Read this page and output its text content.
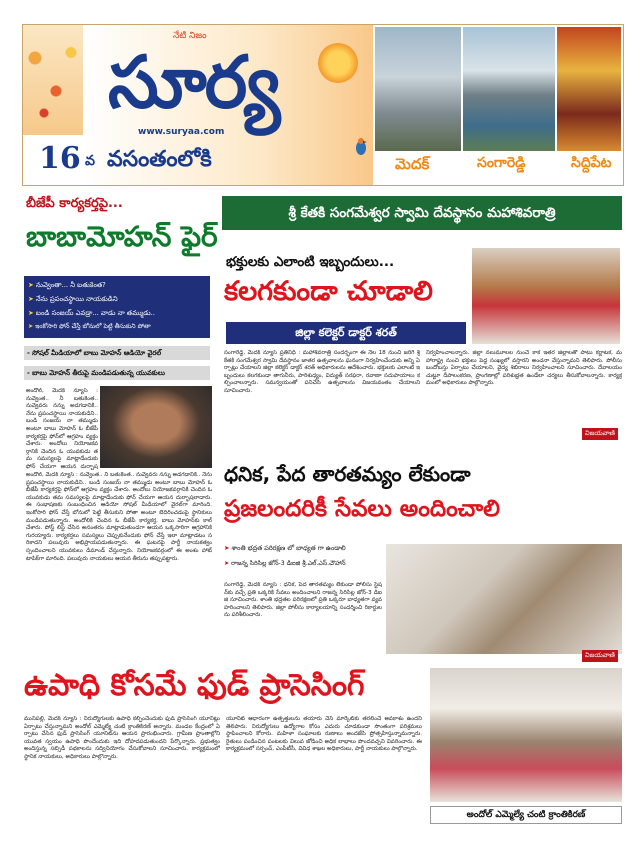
నేటి నిజం
సూర్య
www.suryaa.com
మెదక్	సంగారెడ్డి	సిద్దిపేట
16 వ వసంతంలోకి
బీజేపీ కార్యకర్తపై...
బాబామోహన్ ఫైర్
➤ నువ్వెంతా... నీ బతుకెంత?
➤ నేను ప్రపంచస్థాయి నాయకుడిని
➤ బండి సంజయ్ ఎవడ్రా... వాడు నా తమ్ముడు..
➤ ఇంకోసారి ఫోన్ చేస్తే బోనులో పెట్టి తీసుకుని పోతా
- సోషల్ మీడియాలో బాబు మోహన్ ఆడియో వైరల్
- బాబు మోహన్ తీరుపై మండిపడుతున్న యువకులు
అందోల్, మెదక్ న్యూస్ : నువ్వెంత.. నీ బతుకెంత.. నువ్వెవరు నన్ను అడగడానికి.. నేను ప్రపంచస్థాయి నాయకుడిని.. బండి సంజయ్ నా తమ్ముడు అంటూ బాబు మోహన్ ఓ బీజేపీ కార్యకర్తపై ఫోన్‌లో ఆగ్రహం వ్యక్తం చేశారు. అందోలు నియోజకవర్గానికి చెందిన ఓ యువకుడు తమ సమస్యలపై మాట్లాడేందుకు ఫోన్ చేయగా ఆయన దుర్భాష
అందోల్, మెదక్ న్యూస్ : నువ్వెంత.. నీ బతుకెంత.. నువ్వెవరు నన్ను అడగడానికి.. నేను ప్రపంచస్థాయి నాయకుడిని.. బండి సంజయ్ నా తమ్ముడు అంటూ బాబు మోహన్ ఓ బీజేపీ కార్యకర్తపై ఫోన్‌లో ఆగ్రహం వ్యక్తం చేశారు. అందోలు నియోజకవర్గానికి చెందిన ఓ యువకుడు తమ సమస్యలపై మాట్లాడేందుకు ఫోన్ చేయగా ఆయన దుర్భాషలాడారు. ఈ సంభాషణకు సంబంధించిన ఆడియో సోషల్ మీడియాలో వైరల్‌గా మారింది. ఇంకోసారి ఫోన్ చేస్తే బోనులో పెట్టి తీసుకుని పోతా అంటూ బెదిరించడంపై స్థానికులు మండిపడుతున్నారు. అందోలికి చెందిన ఓ బీజేపీ కార్యకర్త, బాబు మోహన్‌కు కాల్ చేశారు. పోస్ట్ లిస్ట్ చేసిన అనంతరం మాట్లాడుతుండగా ఆయన ఒక్కసారిగా ఆగ్రహానికి గురయ్యారు. కార్యకర్తలు సమస్యలు చెప్పుకునేందుకు ఫోన్ చేస్తే ఇలా మాట్లాడటం సరికాదని పలువురు అభిప్రాయపడుతున్నారు. ఈ ఘటనపై పార్టీ నాయకత్వం స్పందించాలని యువకులు డిమాండ్ చేస్తున్నారు. నియోజకవర్గంలో ఈ అంశం హాట్ టాపిక్‌గా మారింది. పలువురు నాయకులు ఆయన తీరును తప్పుపట్టారు.
శ్రీ కేతకి సంగమేశ్వర స్వామి దేవస్థానం మహాశివరాత్రి
భక్తులకు ఎలాంటి ఇబ్బందులు...
కలగకుండా చూడాలి
జిల్లా కలెక్టర్ డాక్టర్ శరత్
సంగారెడ్డి, మెదక్ న్యూస్ ప్రతినిధి : మహాశివరాత్రి సందర్భంగా ఈ నెల 18 నుంచి జరిగే శ్రీ కేతకి సంగమేశ్వర స్వామి దేవస్థానం జాతర ఉత్సవాలను ఘనంగా నిర్వహించేందుకు అన్ని ఏర్పాట్లు చేయాలని జిల్లా కలెక్టర్ డాక్టర్ శరత్ అధికారులను ఆదేశించారు. భక్తులకు ఎలాంటి ఇబ్బందులు కలగకుండా తాగునీరు, పారిశుధ్యం, విద్యుత్ సరఫరా, రవాణా సదుపాయాలు కల్పించాలన్నారు. సమన్వయంతో పనిచేసి ఉత్సవాలను విజయవంతం చేయాలని సూచించారు.
నిర్వహించాలన్నారు. జిల్లా నలుమూలల నుంచే కాక ఇతర జిల్లాలతో పాటు కర్ణాటక, మహారాష్ట్ర నుంచి భక్తులు పెద్ద సంఖ్యలో వస్తారని అంచనా వేస్తున్నామని తెలిపారు. పోలీసు బందోబస్తు ఏర్పాటు చేయాలని, వైద్య శిబిరాలు నిర్వహించాలని సూచించారు. దేవాలయం చుట్టూ దీపాలంకరణ, ప్రాంగణాల్లో పరిశుభ్రత ఉండేలా చర్యలు తీసుకోవాలన్నారు. కార్యక్రమంలో అధికారులు పాల్గొన్నారు.
విజయవాణి
ధనిక, పేద తారతమ్యం లేకుండా
ప్రజలందరికీ సేవలు అందించాలి
➤ శాంతి భద్రత పరిరక్షణ లో బాధ్యత గా ఉండాలి
➤ రాజన్న సిరిసిల్ల జోన్-3 డిఐజి శ్రీ.ఎల్.ఎస్.చౌహాన్
సంగారెడ్డి, మెదక్ న్యూస్ : ధనిక, పేద తారతమ్యం లేకుండా పోలీసు స్టేషన్‌కు వచ్చే ప్రతి ఒక్కరికి సేవలు అందించాలని రాజన్న సిరిసిల్ల జోన్-3 డిఐజి సూచించారు. శాంతి భద్రతల పరిరక్షణలో ప్రతి ఒక్కరూ బాధ్యతగా వ్యవహరించాలని తెలిపారు. జిల్లా పోలీసు కార్యాలయాన్ని సందర్శించి రికార్డులను పరిశీలించారు.
విజయవాణి
ఉపాధి కోసమే ఫుడ్ ప్రాసెసింగ్
మునిపల్లి, మెదక్ న్యూస్ : నిరుద్యోగులకు ఉపాధి కల్పించేందుకు ఫుడ్ ప్రాసెసింగ్ యూనిట్లు ఏర్పాటు చేస్తున్నామని అందోల్ ఎమ్మెల్యే చంటి క్రాంతికిరణ్ అన్నారు. మండల కేంద్రంలో ఏర్పాటు చేసిన ఫుడ్ ప్రాసెసింగ్ యూనిట్‌ను ఆయన ప్రారంభించారు. గ్రామీణ ప్రాంతాల్లోని యువత స్వయం ఉపాధి పొందేందుకు ఇది దోహదపడుతుందని పేర్కొన్నారు. ప్రభుత్వం అందిస్తున్న సబ్సిడీ పథకాలను సద్వినియోగం చేసుకోవాలని సూచించారు. కార్యక్రమంలో స్థానిక నాయకులు, అధికారులు పాల్గొన్నారు.
యూనిట్ ఆధారంగా ఉత్పత్తులను తయారు చేసి మార్కెట్‌కు తరలించే అవకాశం ఉందని తెలిపారు. నిరుద్యోగులు ఉద్యోగాల కోసం ఎదురు చూడకుండా సొంతంగా పరిశ్రమలు స్థాపించాలని కోరారు. మహిళా సంఘాలకు రుణాలు అందజేసి ప్రోత్సహిస్తున్నామన్నారు. రైతులు పండించిన పంటలకు విలువ జోడించి అధిక లాభాలు పొందవచ్చని వివరించారు. ఈ కార్యక్రమంలో సర్పంచ్, ఎంపీటీసీ, వివిధ శాఖల అధికారులు, పార్టీ నాయకులు పాల్గొన్నారు.
అందోల్ ఎమ్మెల్యే చంటి క్రాంతికిరణ్
